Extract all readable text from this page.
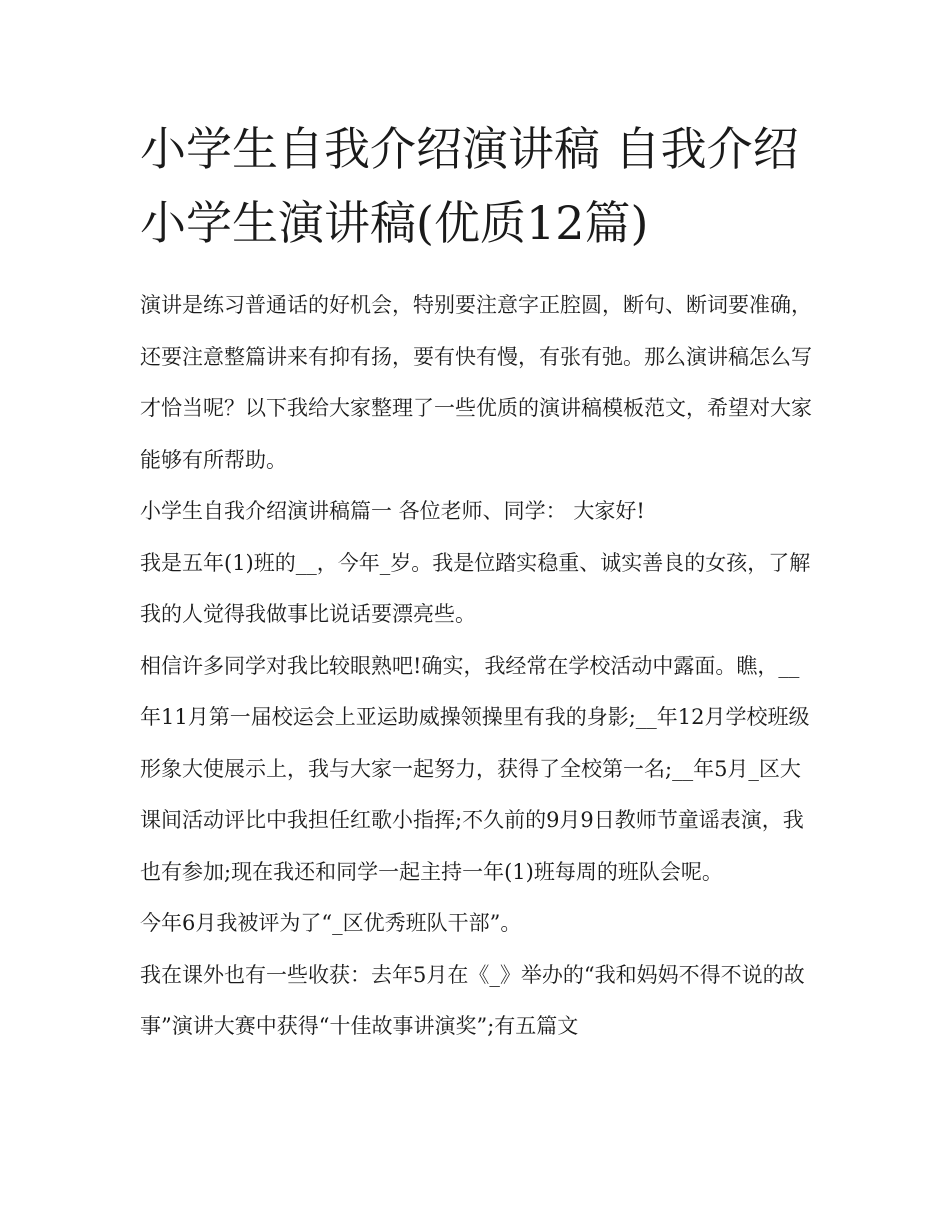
小学生自我介绍演讲稿 自我介绍小学生演讲稿(优质12篇)

演讲是练习普通话的好机会，特别要注意字正腔圆，断句、断词要准确，还要注意整篇讲来有抑有扬，要有快有慢，有张有弛。那么演讲稿怎么写才恰当呢？以下我给大家整理了一些优质的演讲稿模板范文，希望对大家能够有所帮助。

小学生自我介绍演讲稿篇一 各位老师、同学： 大家好!

我是五年(1)班的__，今年_岁。我是位踏实稳重、诚实善良的女孩，了解我的人觉得我做事比说话要漂亮些。

相信许多同学对我比较眼熟吧!确实，我经常在学校活动中露面。瞧，__年11月第一届校运会上亚运助威操领操里有我的身影;__年12月学校班级形象大使展示上，我与大家一起努力，获得了全校第一名;__年5月_区大课间活动评比中我担任红歌小指挥;不久前的9月9日教师节童谣表演，我也有参加;现在我还和同学一起主持一年(1)班每周的班队会呢。

今年6月我被评为了“_区优秀班队干部”。

我在课外也有一些收获：去年5月在《_》举办的“我和妈妈不得不说的故事”演讲大赛中获得“十佳故事讲演奖”;有五篇文
